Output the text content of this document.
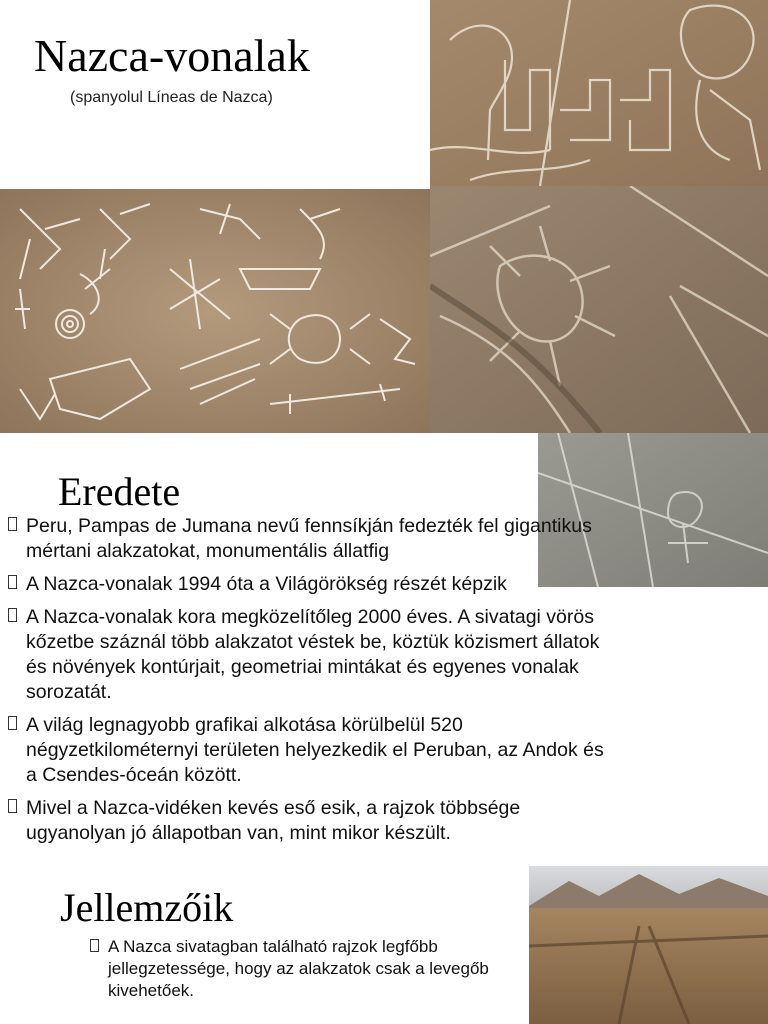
Nazca-vonalak
(spanyolul Líneas de Nazca)
Eredete
Peru, Pampas de Jumana nevű fennsíkján fedezték fel gigantikus mértani alakzatokat, monumentális állatfig
A Nazca-vonalak 1994 óta a Világörökség részét képzik
A Nazca-vonalak kora megközelítőleg 2000 éves. A sivatagi vörös kőzetbe száznál több alakzatot véstek be, köztük közismert állatok és növények kontúrjait, geometriai mintákat és egyenes vonalak sorozatát.
A világ legnagyobb grafikai alkotása körülbelül 520 négyzetkilométernyi területen helyezkedik el Peruban, az Andok és a Csendes-óceán között.
Mivel a Nazca-vidéken kevés eső esik, a rajzok többsége ugyanolyan jó állapotban van, mint mikor készült.
Jellemzőik
A Nazca sivatagban található rajzok legfőbb jellegzetessége, hogy az alakzatok csak a levegőb kivehetőek.
